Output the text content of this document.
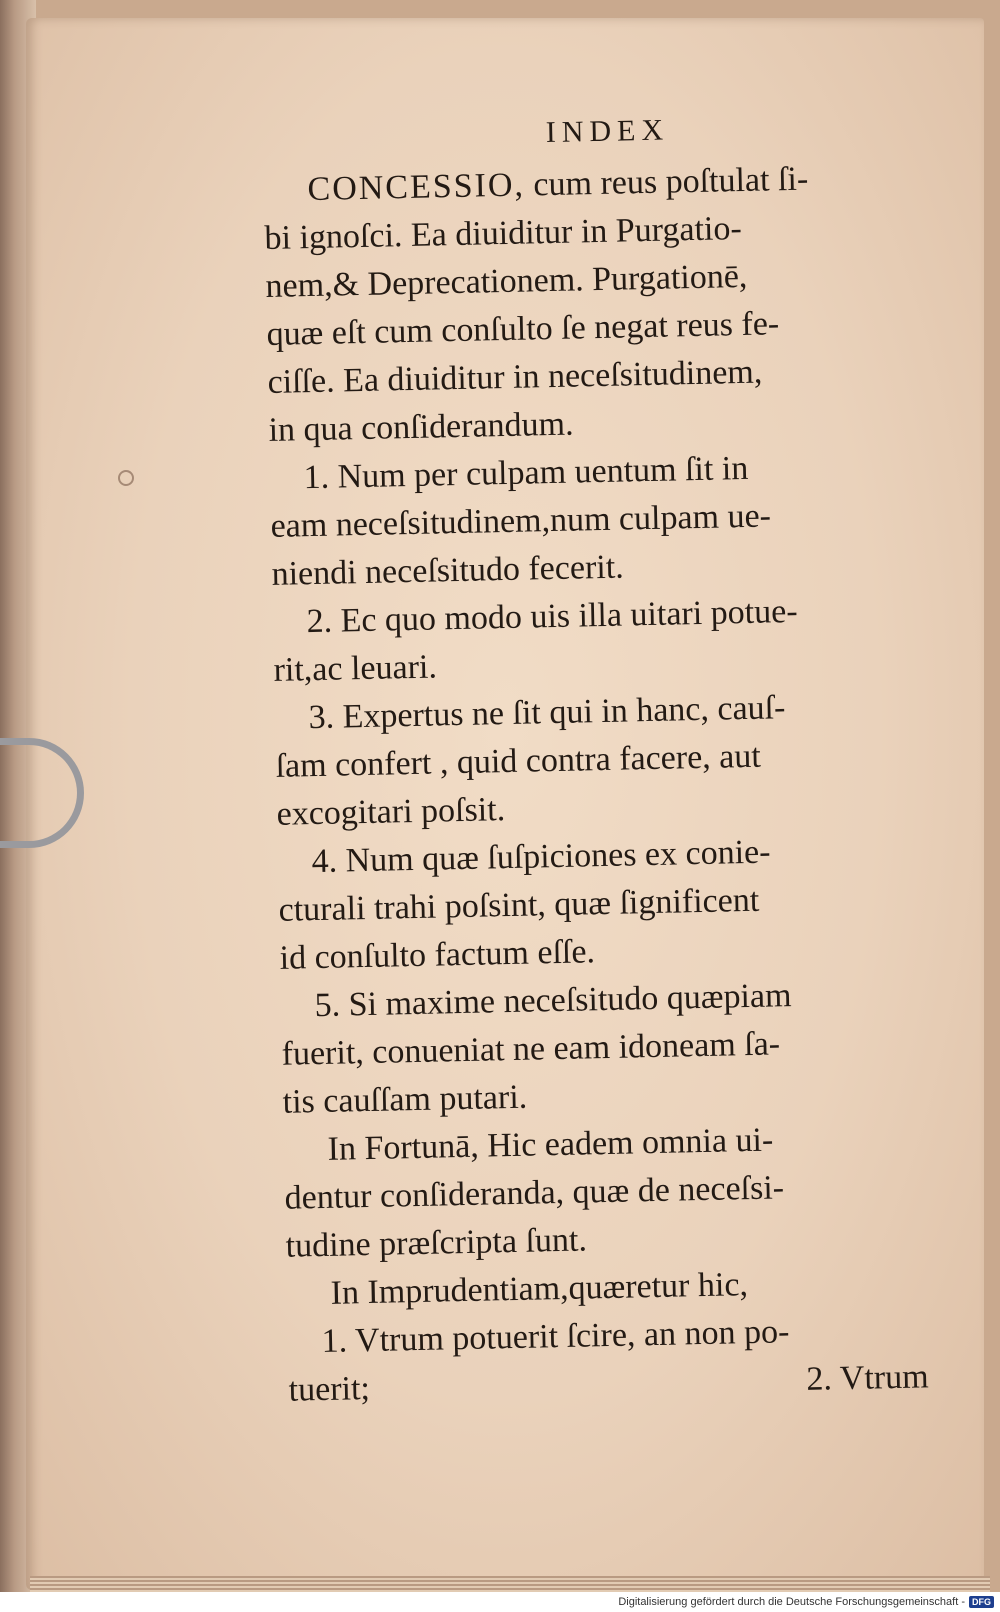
INDEX
CONCESSIO, cum reus poſtulat ſi-
bi ignoſci. Ea diuiditur in Purgatio-
nem,& Deprecationem. Purgationē,
quæ eſt cum conſulto ſe negat reus fe-
ciſſe. Ea diuiditur in neceſsitudinem,
in qua conſiderandum.
1. Num per culpam uentum ſit in
eam neceſsitudinem,num culpam ue-
niendi neceſsitudo fecerit.
2. Ec quo modo uis illa uitari potue-
rit,ac leuari.
3. Expertus ne ſit qui in hanc, cauſ-
ſam confert , quid contra facere, aut
excogitari poſsit.
4. Num quæ ſuſpiciones ex conie-
cturali trahi poſsint, quæ ſignificent
id conſulto factum eſſe.
5. Si maxime neceſsitudo quæpiam
fuerit, conueniat ne eam idoneam ſa-
tis cauſſam putari.
In Fortunā, Hic eadem omnia ui-
dentur conſideranda, quæ de neceſsi-
tudine præſcripta ſunt.
In Imprudentiam,quæretur hic,
1. Vtrum potuerit ſcire, an non po-
tuerit;	2. Vtrum
Digitalisierung gefördert durch die Deutsche Forschungsgemeinschaft - DFG
